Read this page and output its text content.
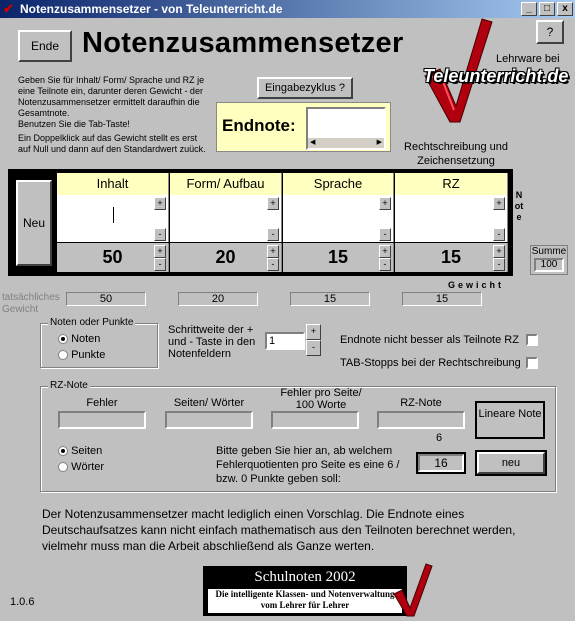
✔ Notenzusammensetzer - von Teleunterricht.de	_	□	x
Ende Notenzusammensetzer	?
Lehrware bei
Teleunterricht.de
Geben Sie für Inhalt/ Form/ Sprache und RZ je eine Teilnote ein, darunter deren Gewicht - der Notenzusammensetzer ermittelt daraufhin die Gesamtnote.
Benutzen Sie die Tab-Taste!
Ein Doppelklick auf das Gewicht stellt es erst auf Null und dann auf den Standardwert zuück.
Eingabezyklus ?
Endnote:
◀	▶	Rechtschreibung und Zeichensetzung
Neu
Inhalt	Form/ Aufbau	Sprache	RZ
50	20	15	15
+
-
+
-
+
-
+
-
+
-
+
-
+
-
+
-
Note
Summe
100
Gewicht
tatsächliches Gewicht
50	20	15	15
Noten oder Punkte
Noten
Punkte
Schrittweite der + und - Taste in den Notenfeldern
1
+
-
Endnote nicht besser als Teilnote RZ
TAB-Stopps bei der Rechtschreibung
RZ-Note
Fehler	Seiten/ Wörter
Fehler pro Seite/ 100 Worte	RZ-Note
Lineare Note
Seiten
Wörter
Bitte geben Sie hier an, ab welchem Fehlerquotienten pro Seite es eine 6 / bzw. 0 Punkte geben soll:
6
16	neu
Der Notenzusammensetzer macht lediglich einen Vorschlag. Die Endnote eines Deutschaufsatzes kann nicht einfach mathematisch aus den Teilnoten berechnet werden, vielmehr muss man die Arbeit abschließend als Ganze werten.
Schulnoten 2002
Die intelligente Klassen- und Notenverwaltung vom Lehrer für Lehrer
1.0.6
